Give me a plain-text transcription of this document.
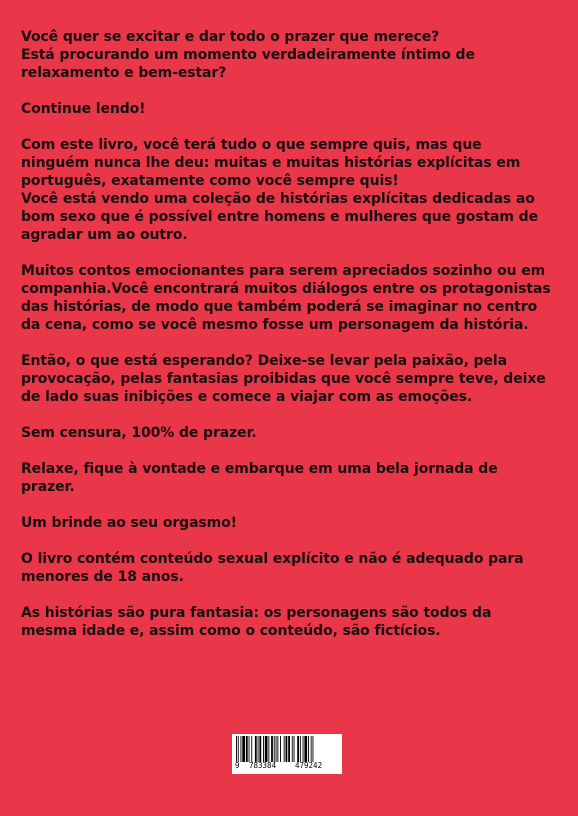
Você quer se excitar e dar todo o prazer que merece?
Está procurando um momento verdadeiramente íntimo de relaxamento e bem-estar?

Continue lendo!

Com este livro, você terá tudo o que sempre quis, mas que ninguém nunca lhe deu: muitas e muitas histórias explícitas em português, exatamente como você sempre quis!
Você está vendo uma coleção de histórias explícitas dedicadas ao bom sexo que é possível entre homens e mulheres que gostam de agradar um ao outro.

Muitos contos emocionantes para serem apreciados sozinho ou em companhia.Você encontrará muitos diálogos entre os protagonistas das histórias, de modo que também poderá se imaginar no centro da cena, como se você mesmo fosse um personagem da história.

Então, o que está esperando? Deixe-se levar pela paixão, pela provocação, pelas fantasias proibidas que você sempre teve, deixe de lado suas inibições e comece a viajar com as emoções.

Sem censura, 100% de prazer.

Relaxe, fique à vontade e embarque em uma bela jornada de prazer.

Um brinde ao seu orgasmo!

O livro contém conteúdo sexual explícito e não é adequado para menores de 18 anos.

As histórias são pura fantasia: os personagens são todos da mesma idade e, assim como o conteúdo, são fictícios.

9 783384	479242
